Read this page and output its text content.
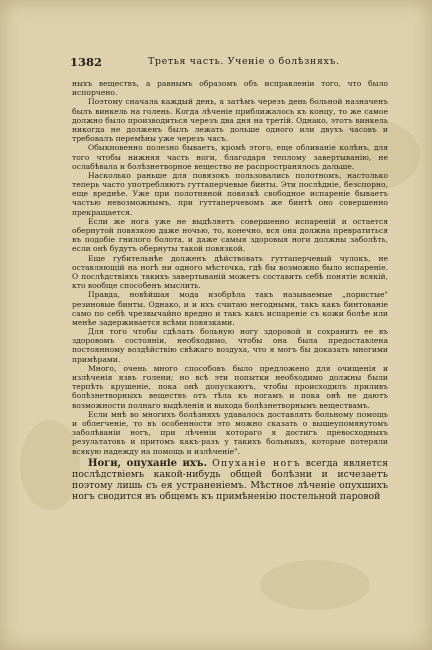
1382	Третья часть. Ученіе о болѣзняхъ.

ныхъ веществъ, а равнымъ образомъ объ исправленіи того, что было испорчено.

Поэтому сначала каждый день, а затѣмъ черезъ день больной назначенъ былъ винкель на голень. Когда лѣченіе приближалось къ концу, то же самое должно было производиться черезъ два дня на третій. Однако, этотъ винкель никогда не долженъ былъ лежать дольше одного или двухъ часовъ и требовалъ перемѣны уже черезъ часъ.

Обыкновенно полезно бываетъ, кромѣ этого, еще обливаніе колѣнъ, для того чтобы нижняя часть ноги, благодаря теплому завертыванію, не ослабѣвала и болѣзнетворное вещество не распространялось дальше.

Насколько раньше для повязокъ пользовались полотномъ, настолько теперь часто употребляютъ гуттаперчевые бинты. Эти послѣдніе, безспорно, еще вреднѣе. Уже при полотняной повязкѣ свободное испареніе бываетъ частью невозможнымъ, при гуттаперчевомъ же бинтѣ оно совершенно прекращается.

Если же нога уже не выдѣляетъ совершенно испареній и остается обернутой повязкою даже ночью, то, конечно, вся она должна превратиться въ подобіе гнилого болота, и даже самыя здоровыя ноги должны заболѣть, если онѣ будутъ обернуты такой повязкой.

Еще губительнѣе долженъ дѣйствовать гуттаперчевый чулокъ, не оставляющій на ногѣ ни одного мѣсточка, гдѣ бы возможно было испареніе. О послѣдствіяхъ такихъ завертываній можетъ составить себѣ понятіе всякій, кто вообще способенъ мыслить.

Правда, новѣйшая мода изобрѣла такъ называемые „пористые" резиновые бинты. Однако, и и ихъ считаю негодными, такъ какъ бинтованіе само по себѣ чрезвычайно вредно и такъ какъ испареніе съ кожи болѣе или менѣе задерживается всѣми повязками.

Для того чтобы сдѣлать больную ногу здоровой и сохранить ее въ здоровомъ состояніи, необходимо, чтобы она была предоставлена постоянному воздѣйствію свѣжаго воздуха, что я могъ бы доказать многими примѣрами.

Много, очень много способовъ было предложено для очищенія и излѣченія язвъ голени; но всѣ эти попытки необходимо должны были терпѣть крушеніе, пока онѣ допускаютъ, чтобы происходилъ приливъ болѣзнетворныхъ веществъ отъ тѣла къ ногамъ и пока онѣ не даютъ возможности полнаго выдѣленія и выхода болѣзнетворнымъ веществамъ.

Если мнѣ во многихъ болѣзняхъ удавалось доставлять больному помощь и облегченіе, то въ особенности это можно сказать о вышеупомянутомъ заболѣваніи ногъ, при лѣченіи котораго я достигъ превосходныхъ результатовъ и притомъ какъ-разъ у такихъ больныхъ, которые потеряли всякую надежду на помощь и излѣченіе".

Ноги, опуханіе ихъ. Опуханіе ногъ всегда является послѣдствіемъ какой-нибудь общей болѣзни и исчезаетъ поэтому лишь съ ея устраненіемъ. Мѣстное лѣченіе опухшихъ ногъ сводится въ общемъ къ примѣненію постельной паровой
